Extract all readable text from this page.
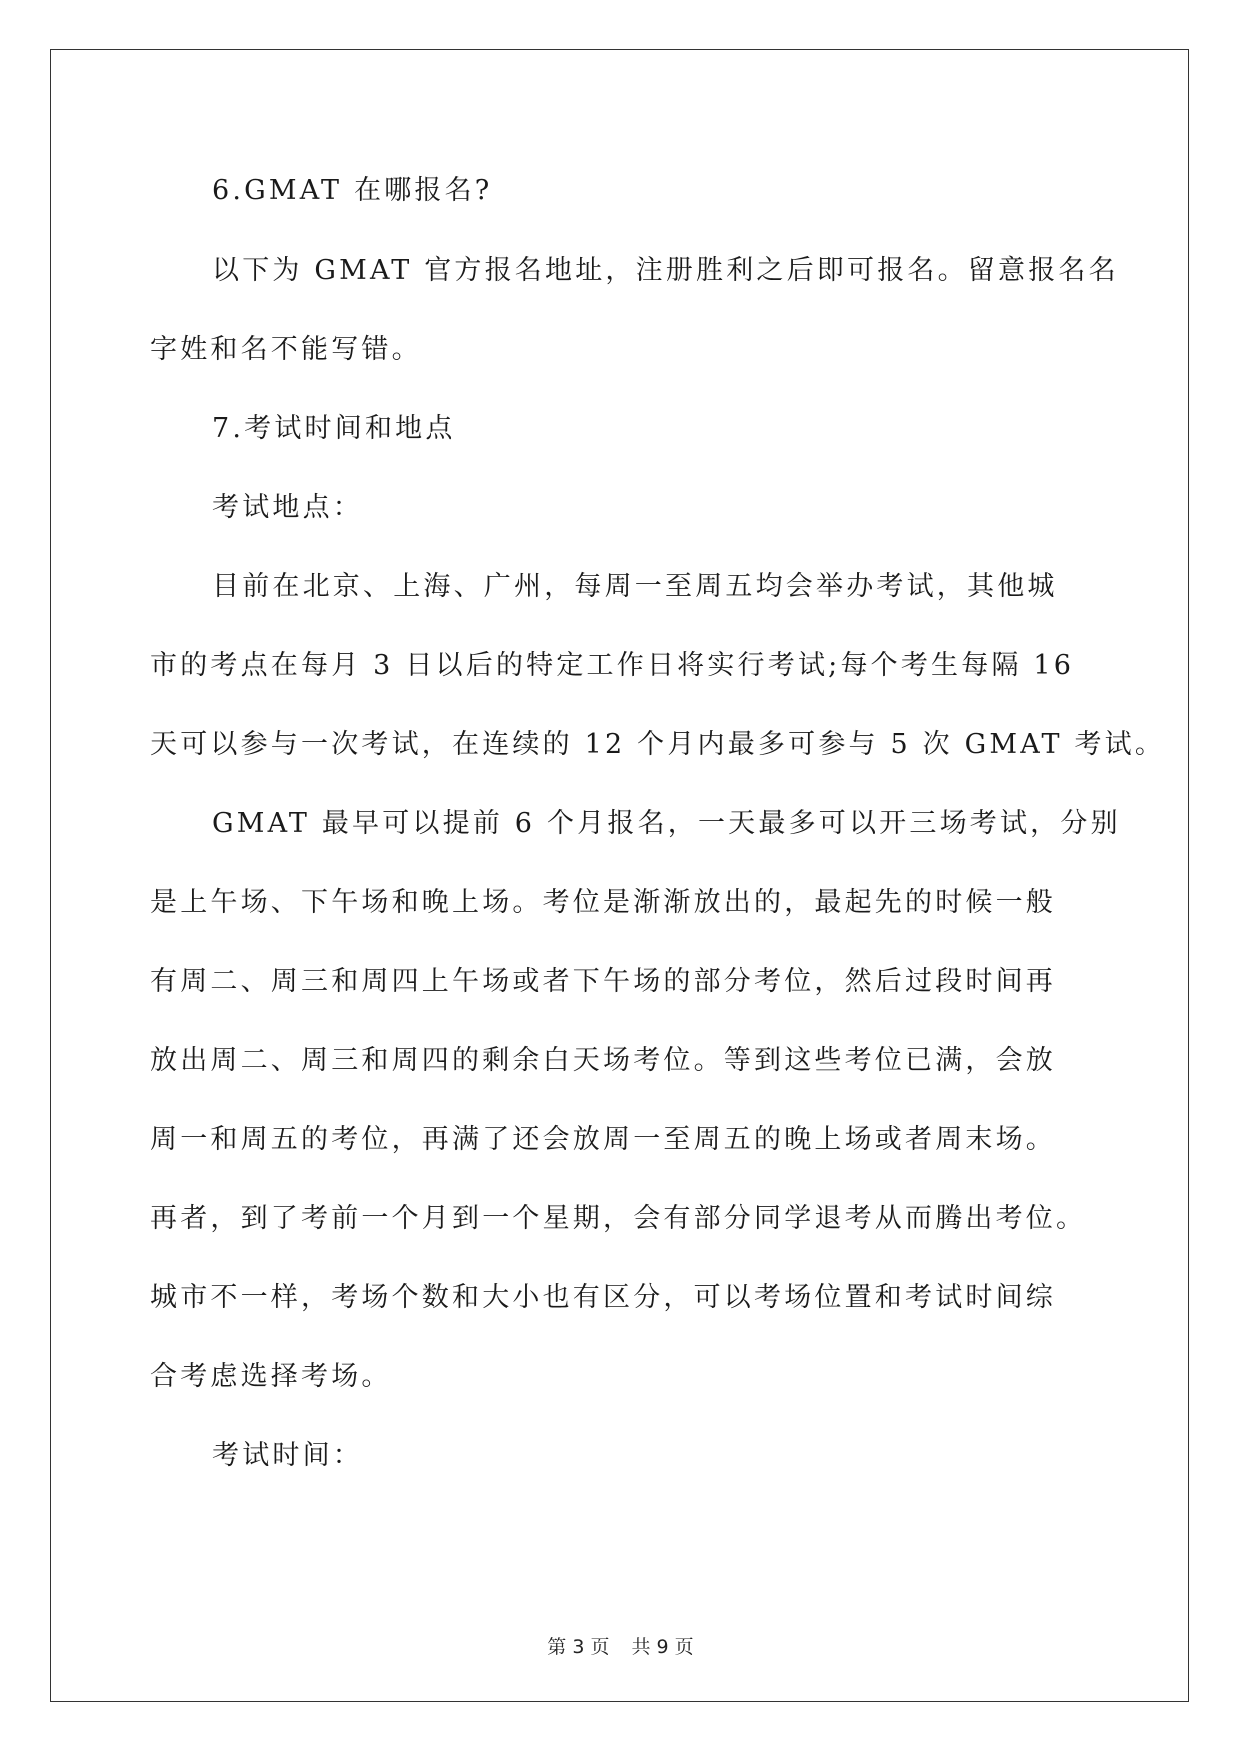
6.GMAT 在哪报名?
以下为 GMAT 官方报名地址，注册胜利之后即可报名。留意报名名
字姓和名不能写错。
7.考试时间和地点
考试地点：
目前在北京、上海、广州，每周一至周五均会举办考试，其他城
市的考点在每月 3 日以后的特定工作日将实行考试;每个考生每隔 16
天可以参与一次考试，在连续的 12 个月内最多可参与 5 次 GMAT 考试。
GMAT 最早可以提前 6 个月报名，一天最多可以开三场考试，分别
是上午场、下午场和晚上场。考位是渐渐放出的，最起先的时候一般
有周二、周三和周四上午场或者下午场的部分考位，然后过段时间再
放出周二、周三和周四的剩余白天场考位。等到这些考位已满，会放
周一和周五的考位，再满了还会放周一至周五的晚上场或者周末场。
再者，到了考前一个月到一个星期，会有部分同学退考从而腾出考位。
城市不一样，考场个数和大小也有区分，可以考场位置和考试时间综
合考虑选择考场。
考试时间：
第 3 页 共 9 页
